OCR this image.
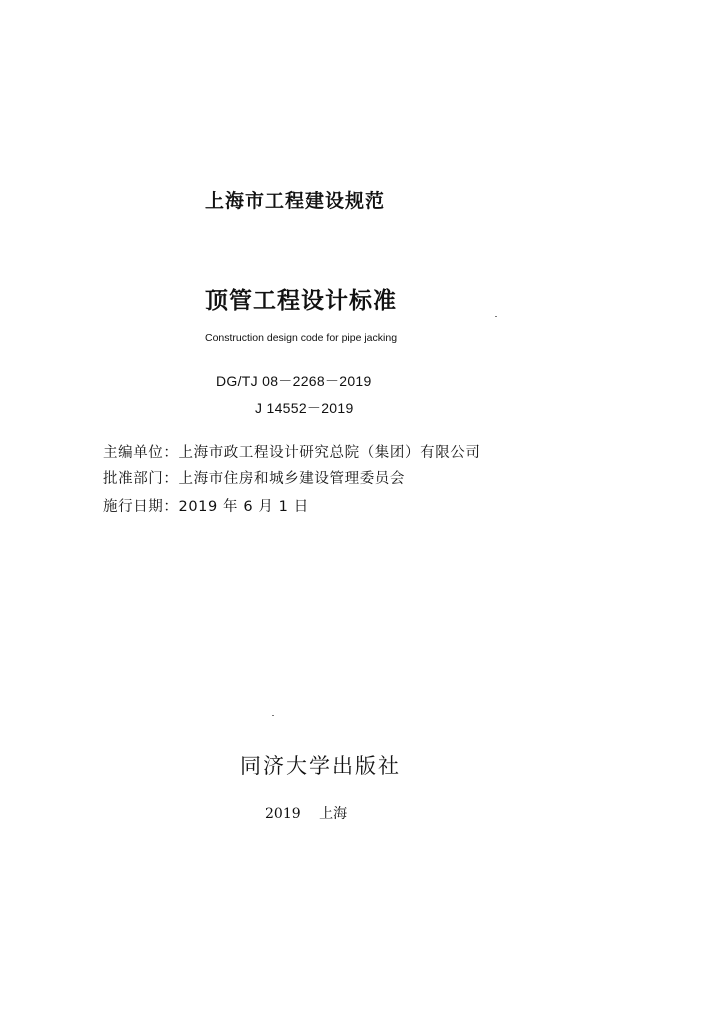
上海市工程建设规范
顶管工程设计标准
Construction design code for pipe jacking
DG/TJ 08－2268－2019
J 14552－2019
主编单位：上海市政工程设计研究总院（集团）有限公司
批准部门：上海市住房和城乡建设管理委员会
施行日期：2019 年 6 月 1 日
同济大学出版社
2019 上海
